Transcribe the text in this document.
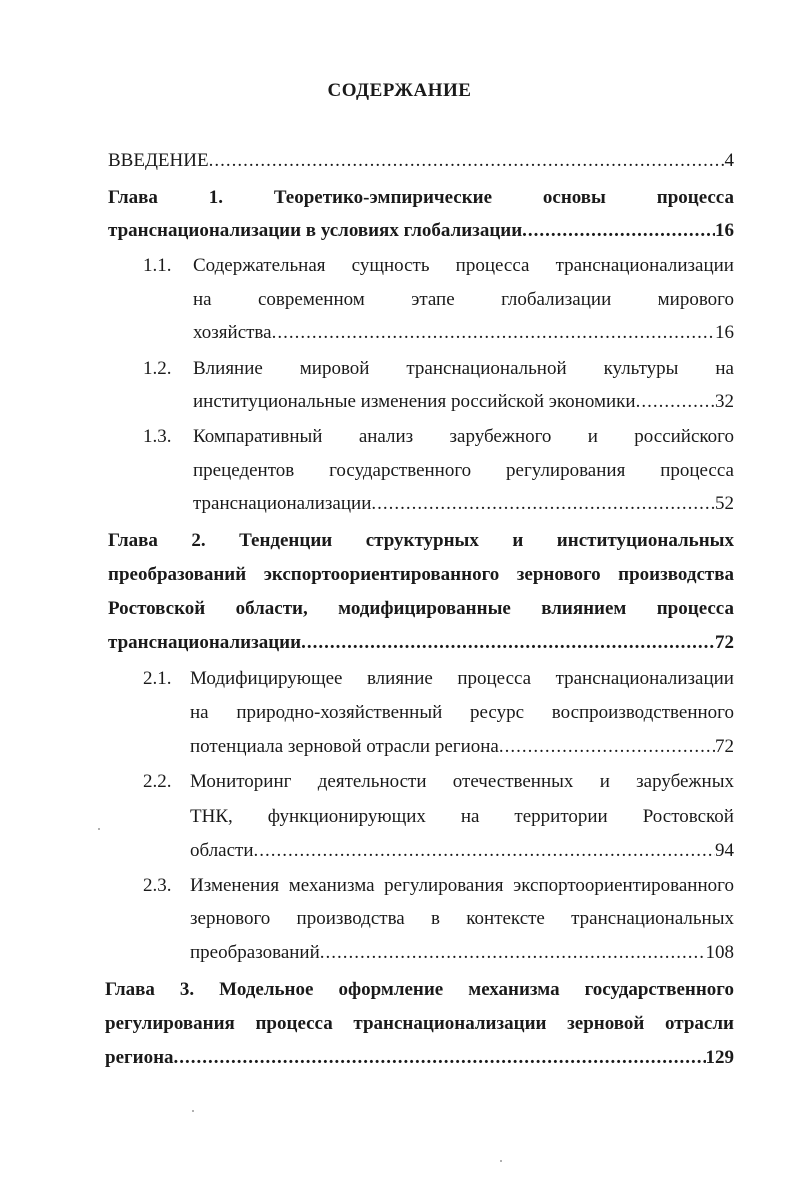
СОДЕРЖАНИЕ
ВВЕДЕНИЕ .....	4
Глава	1.	Теоретико-эмпирические	основы	процесса
транснационализации в условиях глобализации .....	16
1.1. Содержательная сущность процесса транснационализации
на современном этапе глобализации мирового
хозяйства .....	16
1.2. Влияние мировой транснациональной культуры на
институциональные изменения российской экономики .....	32
1.3. Компаративный анализ зарубежного и российского
прецедентов государственного регулирования процесса
транснационализации .....	52
Глава 2. Тенденции структурных и институциональных
преобразований экспортоориентированного зернового производства
Ростовской области, модифицированные влиянием процесса
транснационализации .....	72
2.1. Модифицирующее влияние процесса транснационализации
на природно-хозяйственный ресурс воспроизводственного
потенциала зерновой отрасли региона .....	72
2.2. Мониторинг деятельности отечественных и зарубежных
ТНК, функционирующих на территории Ростовской
области .....	94
2.3. Изменения механизма регулирования экспортоориентированного
зернового производства в контексте транснациональных
преобразований .....	108
Глава 3. Модельное оформление механизма государственного
регулирования процесса транснационализации зерновой отрасли
региона .....	129
